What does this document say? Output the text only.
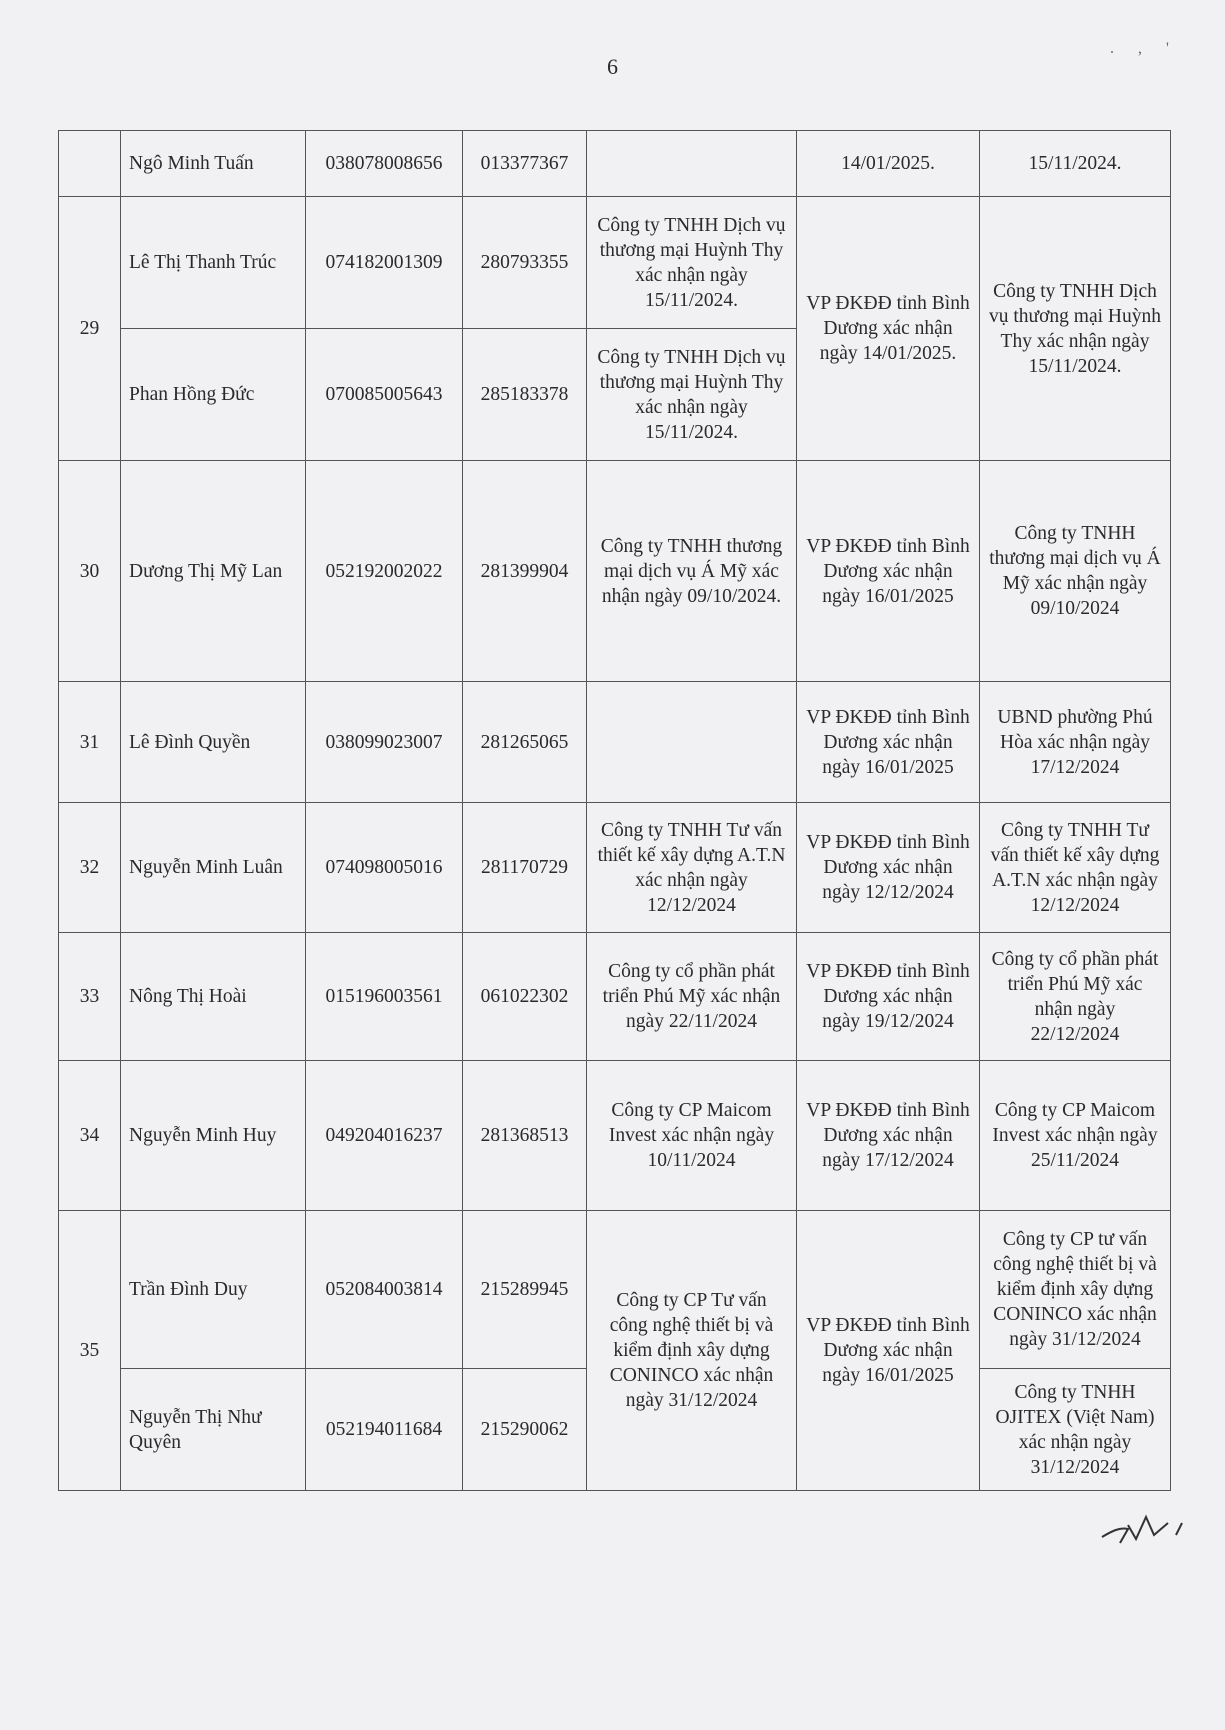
6
. , '
	Ngô Minh Tuấn	038078008656	013377367		14/01/2025.	15/11/2024.
29	Lê Thị Thanh Trúc	074182001309	280793355	Công ty TNHH Dịch vụ thương mại Huỳnh Thy xác nhận ngày 15/11/2024.	VP ĐKĐĐ tỉnh Bình Dương xác nhận ngày 14/01/2025.	Công ty TNHH Dịch vụ thương mại Huỳnh Thy xác nhận ngày 15/11/2024.
	Phan Hồng Đức	070085005643	285183378	Công ty TNHH Dịch vụ thương mại Huỳnh Thy xác nhận ngày 15/11/2024.		
30	Dương Thị Mỹ Lan	052192002022	281399904	Công ty TNHH thương mại dịch vụ Á Mỹ xác nhận ngày 09/10/2024.	VP ĐKĐĐ tỉnh Bình Dương xác nhận ngày 16/01/2025	Công ty TNHH thương mại dịch vụ Á Mỹ xác nhận ngày 09/10/2024
31	Lê Đình Quyền	038099023007	281265065		VP ĐKĐĐ tỉnh Bình Dương xác nhận ngày 16/01/2025	UBND phường Phú Hòa xác nhận ngày 17/12/2024
32	Nguyễn Minh Luân	074098005016	281170729	Công ty TNHH Tư vấn thiết kế xây dựng A.T.N xác nhận ngày 12/12/2024	VP ĐKĐĐ tỉnh Bình Dương xác nhận ngày 12/12/2024	Công ty TNHH Tư vấn thiết kế xây dựng A.T.N xác nhận ngày 12/12/2024
33	Nông Thị Hoài	015196003561	061022302	Công ty cổ phần phát triển Phú Mỹ xác nhận ngày 22/11/2024	VP ĐKĐĐ tỉnh Bình Dương xác nhận ngày 19/12/2024	Công ty cổ phần phát triển Phú Mỹ xác nhận ngày 22/12/2024
34	Nguyễn Minh Huy	049204016237	281368513	Công ty CP Maicom Invest xác nhận ngày 10/11/2024	VP ĐKĐĐ tỉnh Bình Dương xác nhận ngày 17/12/2024	Công ty CP Maicom Invest xác nhận ngày 25/11/2024
35	Trần Đình Duy	052084003814	215289945	Công ty CP Tư vấn công nghệ thiết bị và kiểm định xây dựng CONINCO xác nhận ngày 31/12/2024	VP ĐKĐĐ tỉnh Bình Dương xác nhận ngày 16/01/2025	Công ty CP tư vấn công nghệ thiết bị và kiểm định xây dựng CONINCO xác nhận ngày 31/12/2024
	Nguyễn Thị Như Quyên	052194011684	215290062			Công ty TNHH OJITEX (Việt Nam) xác nhận ngày 31/12/2024
